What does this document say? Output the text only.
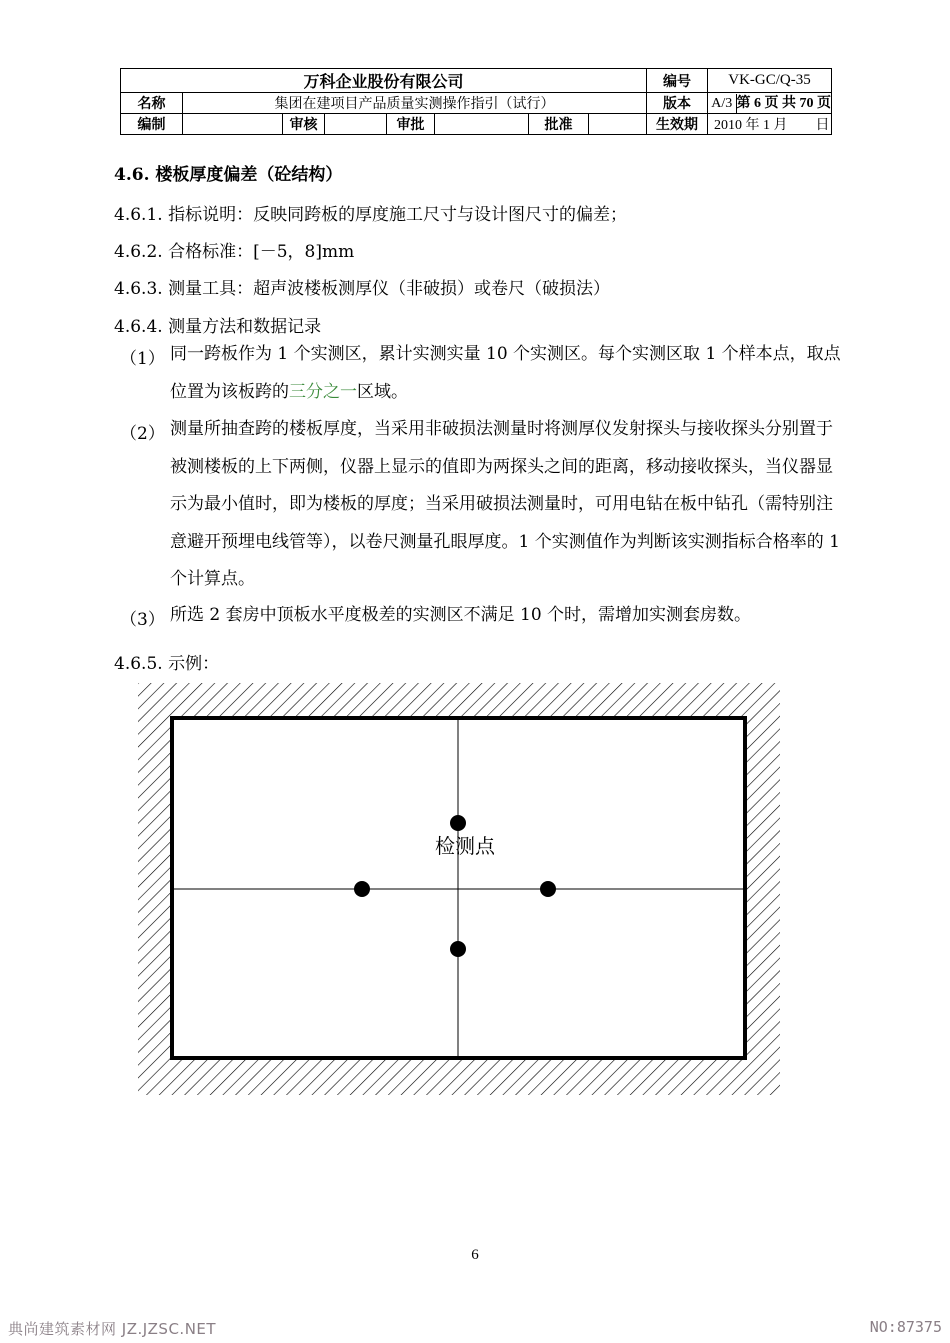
万科企业股份有限公司								编号	VK-GC/Q-35
名称	集团在建项目产品质量实测操作指引（试行）							版本	A/3 第 6 页 共 70 页

编制		审核		审批		批准		生效期	2010 年 1 月　　日
4.6. 楼板厚度偏差（砼结构）
4.6.1. 指标说明：反映同跨板的厚度施工尺寸与设计图尺寸的偏差；
4.6.2. 合格标准：[－5，8]mm
4.6.3. 测量工具：超声波楼板测厚仪（非破损）或卷尺（破损法）
4.6.4. 测量方法和数据记录
（1） 同一跨板作为 1 个实测区，累计实测实量 10 个实测区。每个实测区取 1 个样本点，取点位置为该板跨的三分之一区域。
（2） 测量所抽查跨的楼板厚度，当采用非破损法测量时将测厚仪发射探头与接收探头分别置于被测楼板的上下两侧，仪器上显示的值即为两探头之间的距离，移动接收探头，当仪器显示为最小值时，即为楼板的厚度；当采用破损法测量时，可用电钻在板中钻孔（需特别注意避开预埋电线管等），以卷尺测量孔眼厚度。1 个实测值作为判断该实测指标合格率的 1 个计算点。
（3） 所选 2 套房中顶板水平度极差的实测区不满足 10 个时，需增加实测套房数。
4.6.5. 示例：
检测点
6
典尚建筑素材网 JZ.JZSC.NET	NO:87375
